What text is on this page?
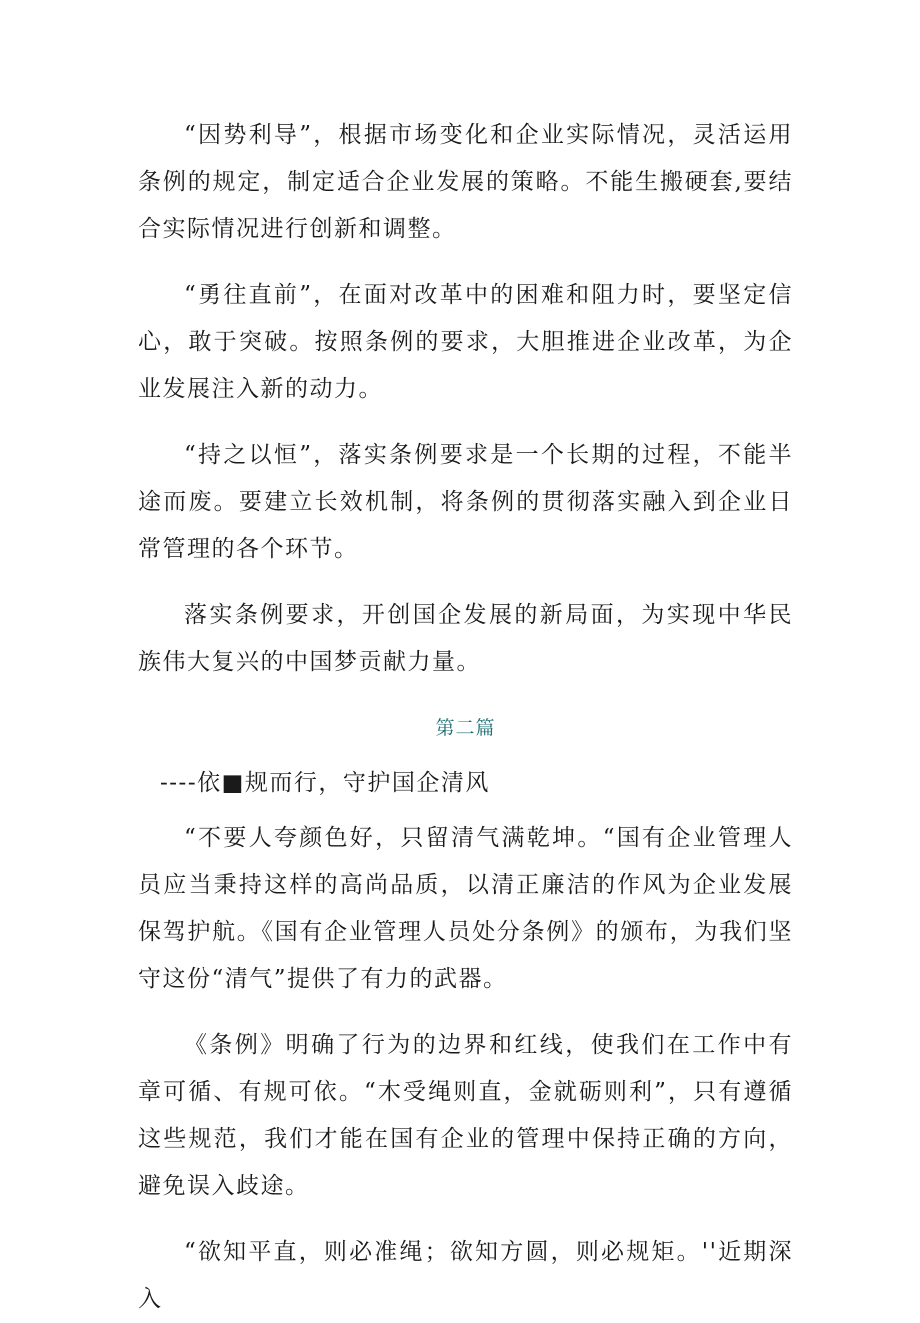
“因势利导”，根据市场变化和企业实际情况，灵活运用条例的规定，制定适合企业发展的策略。不能生搬硬套,要结合实际情况进行创新和调整。

“勇往直前”，在面对改革中的困难和阻力时，要坚定信心，敢于突破。按照条例的要求，大胆推进企业改革，为企业发展注入新的动力。

“持之以恒”，落实条例要求是一个长期的过程，不能半途而废。要建立长效机制，将条例的贯彻落实融入到企业日常管理的各个环节。

落实条例要求，开创国企发展的新局面，为实现中华民族伟大复兴的中国梦贡献力量。

第二篇
----依■规而行，守护国企清风

“不要人夸颜色好，只留清气满乾坤。“国有企业管理人员应当秉持这样的高尚品质，以清正廉洁的作风为企业发展保驾护航。《国有企业管理人员处分条例》的颁布，为我们坚守这份“清气”提供了有力的武器。

《条例》明确了行为的边界和红线，使我们在工作中有章可循、有规可依。“木受绳则直，金就砺则利”，只有遵循这些规范，我们才能在国有企业的管理中保持正确的方向，避免误入歧途。

“欲知平直，则必准绳；欲知方圆，则必规矩。''近期深入
